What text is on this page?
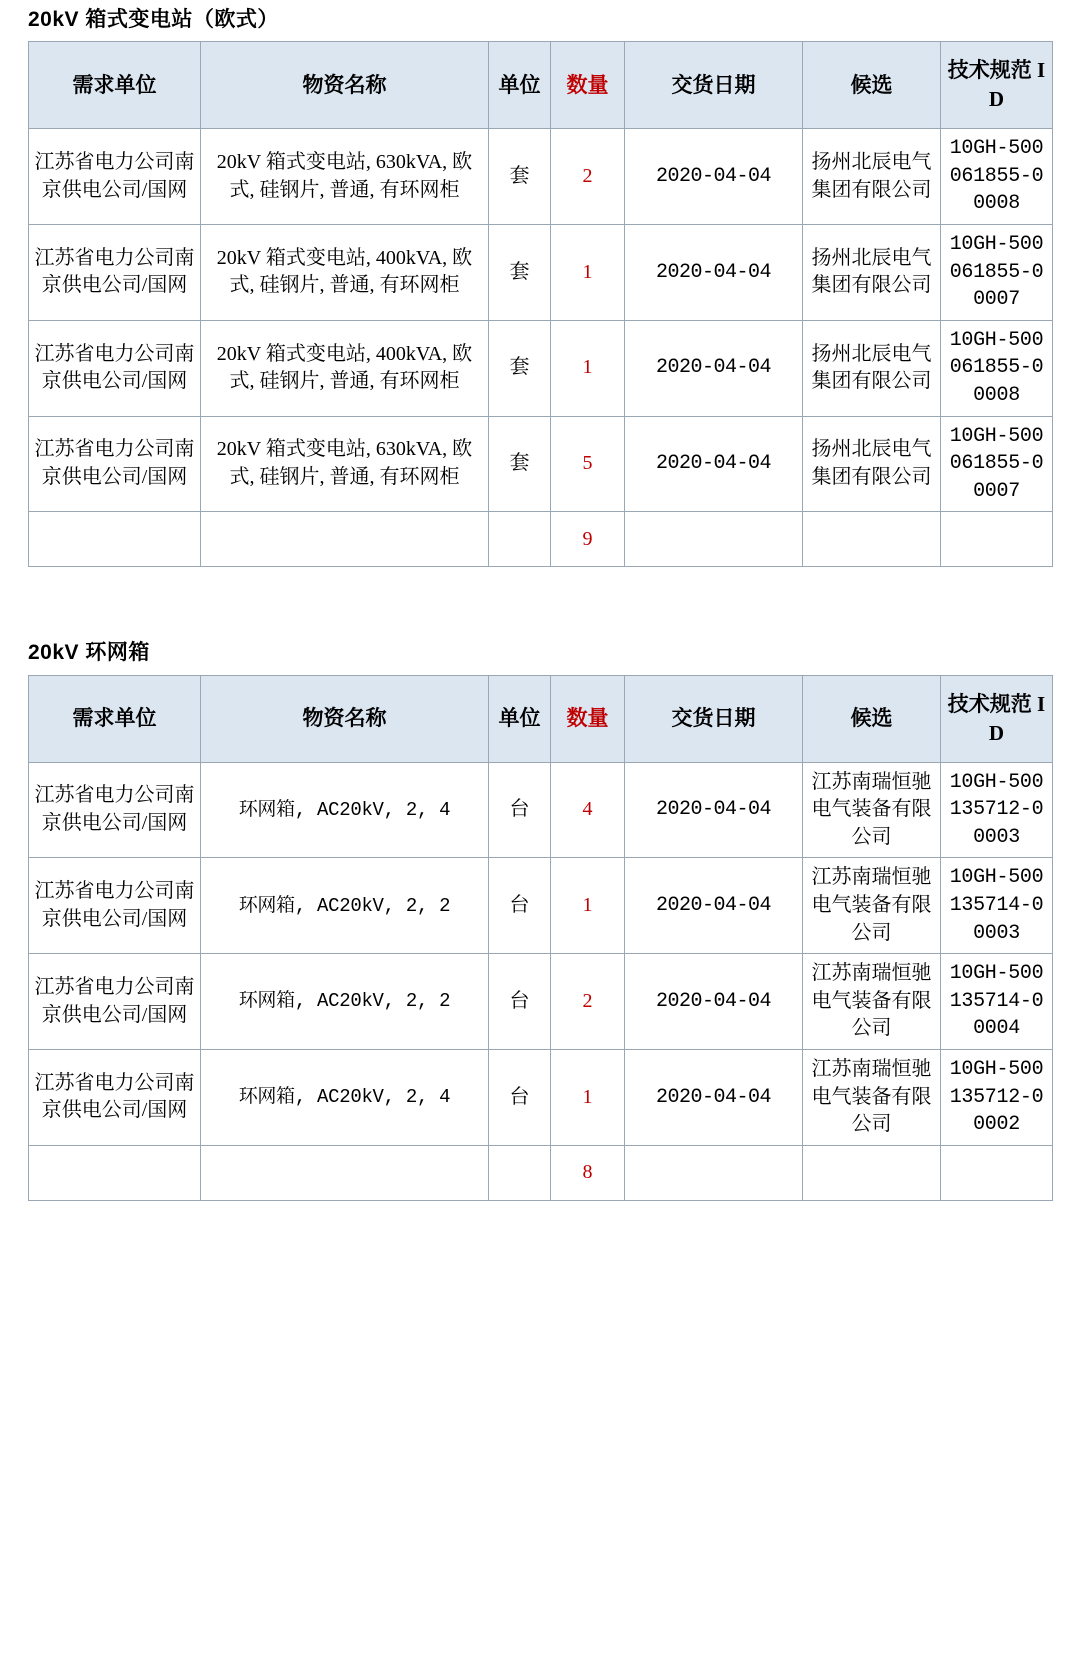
20kV 箱式变电站（欧式）
需求单位	物资名称	单位	数量	交货日期	候选	技术规范 ID
江苏省电力公司南京供电公司/国网	20kV 箱式变电站, 630kVA, 欧式, 硅钢片, 普通, 有环网柜	套	2	2020-04-04	扬州北辰电气集团有限公司	10GH-500061855-00008
江苏省电力公司南京供电公司/国网	20kV 箱式变电站, 400kVA, 欧式, 硅钢片, 普通, 有环网柜	套	1	2020-04-04	扬州北辰电气集团有限公司	10GH-500061855-00007
江苏省电力公司南京供电公司/国网	20kV 箱式变电站, 400kVA, 欧式, 硅钢片, 普通, 有环网柜	套	1	2020-04-04	扬州北辰电气集团有限公司	10GH-500061855-00008
江苏省电力公司南京供电公司/国网	20kV 箱式变电站, 630kVA, 欧式, 硅钢片, 普通, 有环网柜	套	5	2020-04-04	扬州北辰电气集团有限公司	10GH-500061855-00007
			9			
20kV 环网箱
需求单位	物资名称	单位	数量	交货日期	候选	技术规范 ID
江苏省电力公司南京供电公司/国网	环网箱, AC20kV, 2, 4	台	4	2020-04-04	江苏南瑞恒驰电气装备有限公司	10GH-500135712-00003
江苏省电力公司南京供电公司/国网	环网箱, AC20kV, 2, 2	台	1	2020-04-04	江苏南瑞恒驰电气装备有限公司	10GH-500135714-00003
江苏省电力公司南京供电公司/国网	环网箱, AC20kV, 2, 2	台	2	2020-04-04	江苏南瑞恒驰电气装备有限公司	10GH-500135714-00004
江苏省电力公司南京供电公司/国网	环网箱, AC20kV, 2, 4	台	1	2020-04-04	江苏南瑞恒驰电气装备有限公司	10GH-500135712-00002
			8			
